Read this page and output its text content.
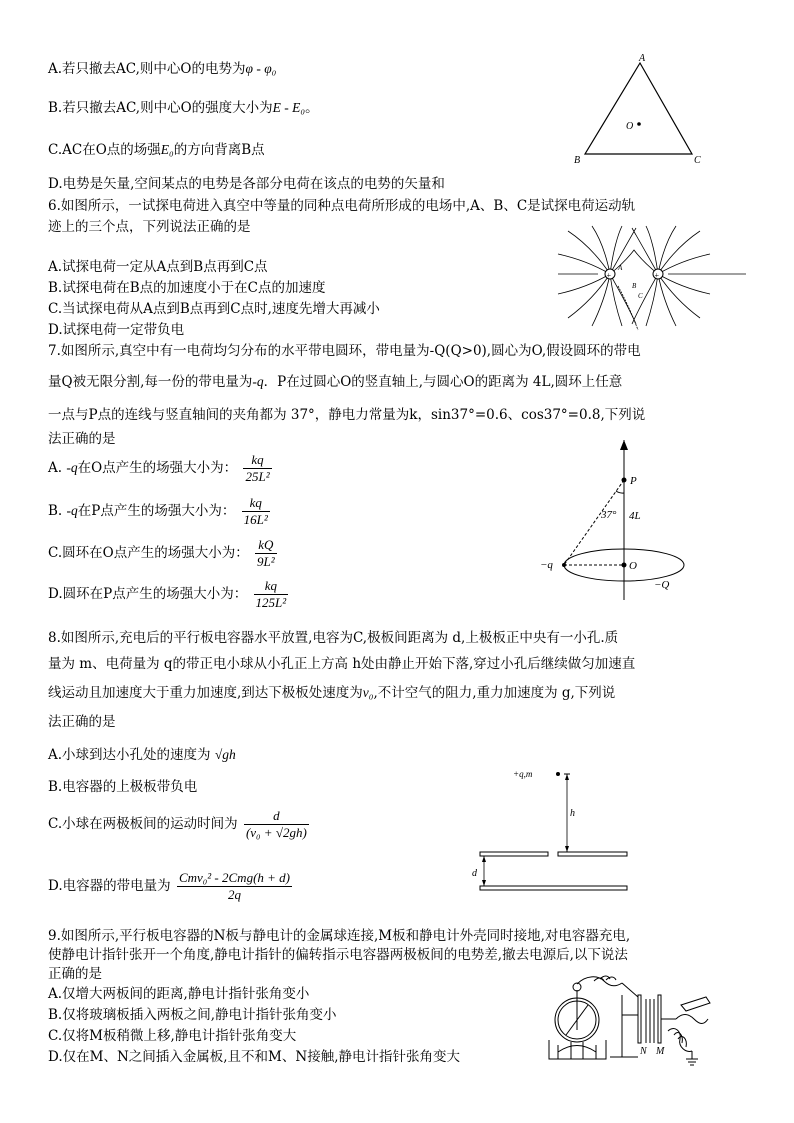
A.若只撤去AC,则中心O的电势为φ - φ₀
B.若只撤去AC,则中心O的强度大小为E - E₀。
C.AC在O点的场强E₀的方向背离B点
D.电势是矢量,空间某点的电势是各部分电荷在该点的电势的矢量和
A
B	C
O
6.如图所示，一试探电荷进入真空中等量的同种点电荷所形成的电场中,A、B、C是试探电荷运动轨
迹上的三个点，下列说法正确的是
A.试探电荷一定从A点到B点再到C点
B.试探电荷在B点的加速度小于在C点的加速度
C.当试探电荷从A点到B点再到C点时,速度先增大再减小
D.试探电荷一定带负电
+	+
A
B
C
7.如图所示,真空中有一电荷均匀分布的水平带电圆环，带电量为-Q(Q>0),圆心为O,假设圆环的带电
量Q被无限分割,每一份的带电量为-q．P在过圆心O的竖直轴上,与圆心O的距离为 4L,圆环上任意
一点与P点的连线与竖直轴间的夹角都为 37°，静电力常量为k，sin37°=0.6、cos37°=0.8,下列说
法正确的是
A. -q在O点产生的场强大小为： $\frac{kq}{\text{25L²}}$
B. -q在P点产生的场强大小为： $\frac{kq}{\text{16L²}}$
C.圆环在O点产生的场强大小为： $\frac{kQ}{\text{9L²}}$
D.圆环在P点产生的场强大小为： $\frac{kq}{\text{125L²}}$
P
37° 4L
O
−q
−Q
8.如图所示,充电后的平行板电容器水平放置,电容为C,极板间距离为 d,上极板正中央有一小孔.质
量为 m、电荷量为 q的带正电小球从小孔正上方高 h处由静止开始下落,穿过小孔后继续做匀加速直
线运动且加速度大于重力加速度,到达下极板处速度为v₀,不计空气的阻力,重力加速度为 g,下列说
法正确的是
A.小球到达小孔处的速度为 √gh
B.电容器的上极板带负电
C.小球在两极板间的运动时间为 $\frac{d}{\text{(v₀ + √2gh)}}$
D.电容器的带电量为 $\frac{\text{Cmv₀² - 2Cmg(h + d)}}{2q}$
+q,m
h
d
9.如图所示,平行板电容器的N板与静电计的金属球连接,M板和静电计外壳同时接地,对电容器充电,
使静电计指针张开一个角度,静电计指针的偏转指示电容器两极板间的电势差,撤去电源后,以下说法
正确的是
A.仅增大两板间的距离,静电计指针张角变小
B.仅将玻璃板插入两板之间,静电计指针张角变小
C.仅将M板稍微上移,静电计指针张角变大
D.仅在M、N之间插入金属板,且不和M、N接触,静电计指针张角变大	N M
